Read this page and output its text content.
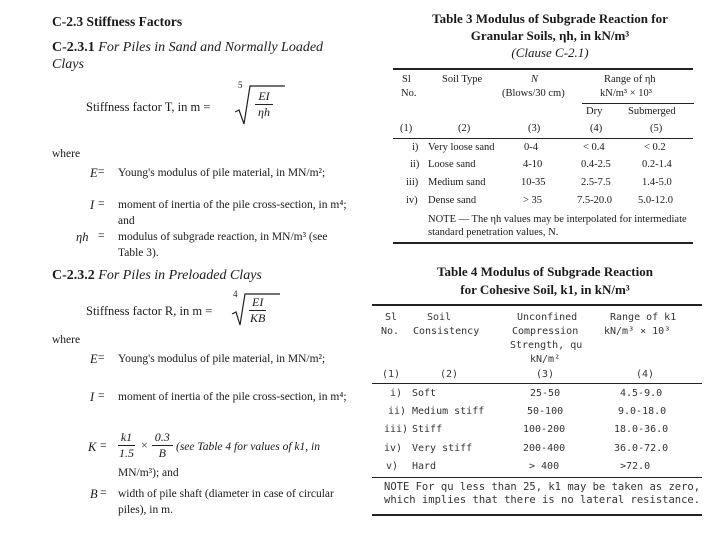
C-2.3 Stiffness Factors
C-2.3.1 For Piles in Sand and Normally Loaded
Clays
Stiffness factor T, in m =
5
$\frac{EI}{\eta h}$
where
E = Young's modulus of pile material, in MN/m²;
I = moment of inertia of the pile cross-section, in m⁴; and
ηh = modulus of subgrade reaction, in MN/m³ (see Table 3).
C-2.3.2 For Piles in Preloaded Clays
Stiffness factor R, in m =
4
$\frac{EI}{KB}$
where
E = Young's modulus of pile material, in MN/m²;
I = moment of inertia of the pile cross-section, in m⁴;
$K = \frac{k1}{1.5} \times \frac{0.3}{B} (see$ Table 4 for values of k1, in
MN/m³); and
B = width of pile shaft (diameter in case of circular piles), in m.
Table 3 Modulus of Subgrade Reaction for
Granular Soils, ηh, in kN/m³
(Clause C-2.1)
Sl
No.
Soil Type	N
(Blows/30 cm)
Range of ηh
kN/m³ × 10³
Dry Submerged
(1)	(2)	(3)	(4)	(5)
i) Very loose sand	0-4	< 0.4	< 0.2
ii) Loose sand	4-10	0.4-2.5	0.2-1.4
iii) Medium sand	10-35	2.5-7.5	1.4-5.0
iv) Dense sand	> 35	7.5-20.0 5.0-12.0
NOTE — The ηh values may be interpolated for intermediate standard penetration values, N.
Table 4 Modulus of Subgrade Reaction
for Cohesive Soil, k1, in kN/m³
Sl
No.
Soil
Consistency
Unconfined
Compression
Strength, qu
kN/m²
Range of k1
kN/m³ × 10³
(1)	(2)	(3)	(4)
i) Soft	25-50	4.5-9.0
ii) Medium stiff	50-100	9.0-18.0
iii) Stiff	100-200	18.0-36.0
iv) Very stiff	200-400	36.0-72.0
v) Hard	> 400	>72.0
NOTE For qu less than 25, k1 may be taken as zero, which implies that there is no lateral resistance.
